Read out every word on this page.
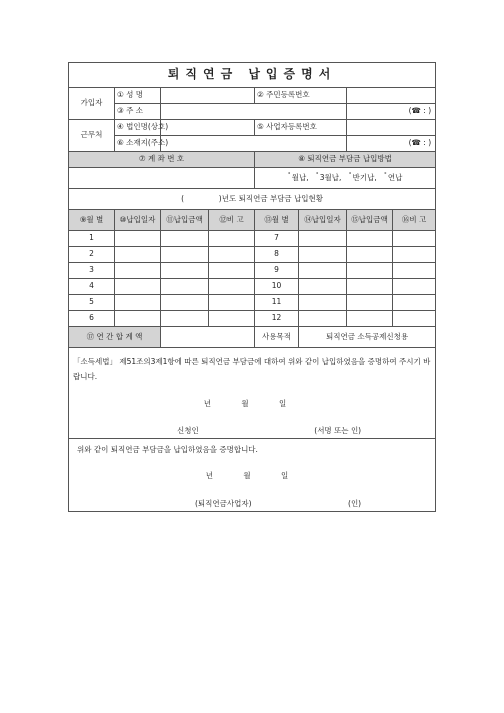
퇴직연금 납입증명서							
가입자	① 성 명			② 주민등록번호			
	③ 주 소					(☎ : )	
근무처	④ 법인명(상호)			⑤ 사업자등록번호			
	⑥ 소재지(주소)					(☎ : )	
⑦ 계 좌 번 호				⑧ 퇴직연금 부담금 납입방법			
				˚월납,   ˚3월납,   ˚반기납,   ˚연납			
( )년도 퇴직연금 부담금 납입현황							
⑨월 별	⑩납입일자	⑪납입금액	⑫비 고	⑬월 별	⑭납입일자	⑮납입금액	⑯비 고
1				7			
2				8			
3				9			
4				10			
5				11			
6				12			
⑰ 연 간 합 계 액				사용목적	퇴직연금 소득공제신청용		

「소득세법」 제51조의3제1항에 따른 퇴직연금 부담금에 대하여 위와 같이 납입하였음을 증명하여 주시기 바랍니다.
년 월 일
신청인 (서명 또는 인)							

위와 같이 퇴직연금 부담금을 납입하였음을 증명합니다.
년 월 일
(퇴직연금사업자) (인)							
